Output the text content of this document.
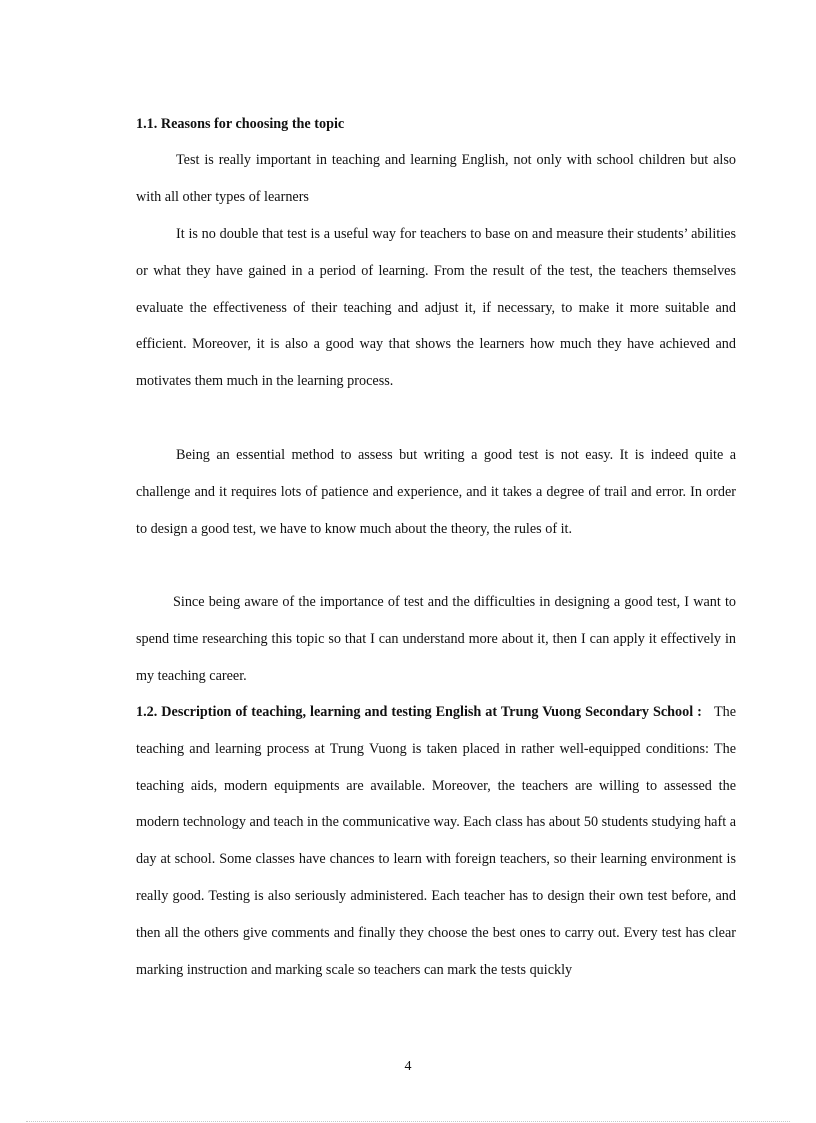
1.1. Reasons for choosing the topic

Test is really important in teaching and learning English, not only with school children but also with all other types of learners

It is no double that test is a useful way for teachers to base on and measure their students’ abilities or what they have gained in a period of learning. From the result of the test, the teachers themselves evaluate the effectiveness of their teaching and adjust it, if necessary, to make it more suitable and efficient. Moreover, it is also a good way that shows the learners how much they have achieved and motivates them much in the learning process.

Being an essential method to assess but writing a good test is not easy. It is indeed quite a challenge and it requires lots of patience and experience, and it takes a degree of trail and error. In order to design a good test, we have to know much about the theory, the rules of it.

Since being aware of the importance of test and the difficulties in designing a good test, I want to spend time researching this topic so that I can understand more about it, then I can apply it effectively in my teaching career.

1.2. Description of teaching, learning and testing English at Trung Vuong Secondary School : The teaching and learning process at Trung Vuong is taken placed in rather well-equipped conditions: The teaching aids, modern equipments are available. Moreover, the teachers are willing to assessed the modern technology and teach in the communicative way. Each class has about 50 students studying haft a day at school. Some classes have chances to learn with foreign teachers, so their learning environment is really good. Testing is also seriously administered. Each teacher has to design their own test before, and then all the others give comments and finally they choose the best ones to carry out. Every test has clear marking instruction and marking scale so teachers can mark the tests quickly

4
